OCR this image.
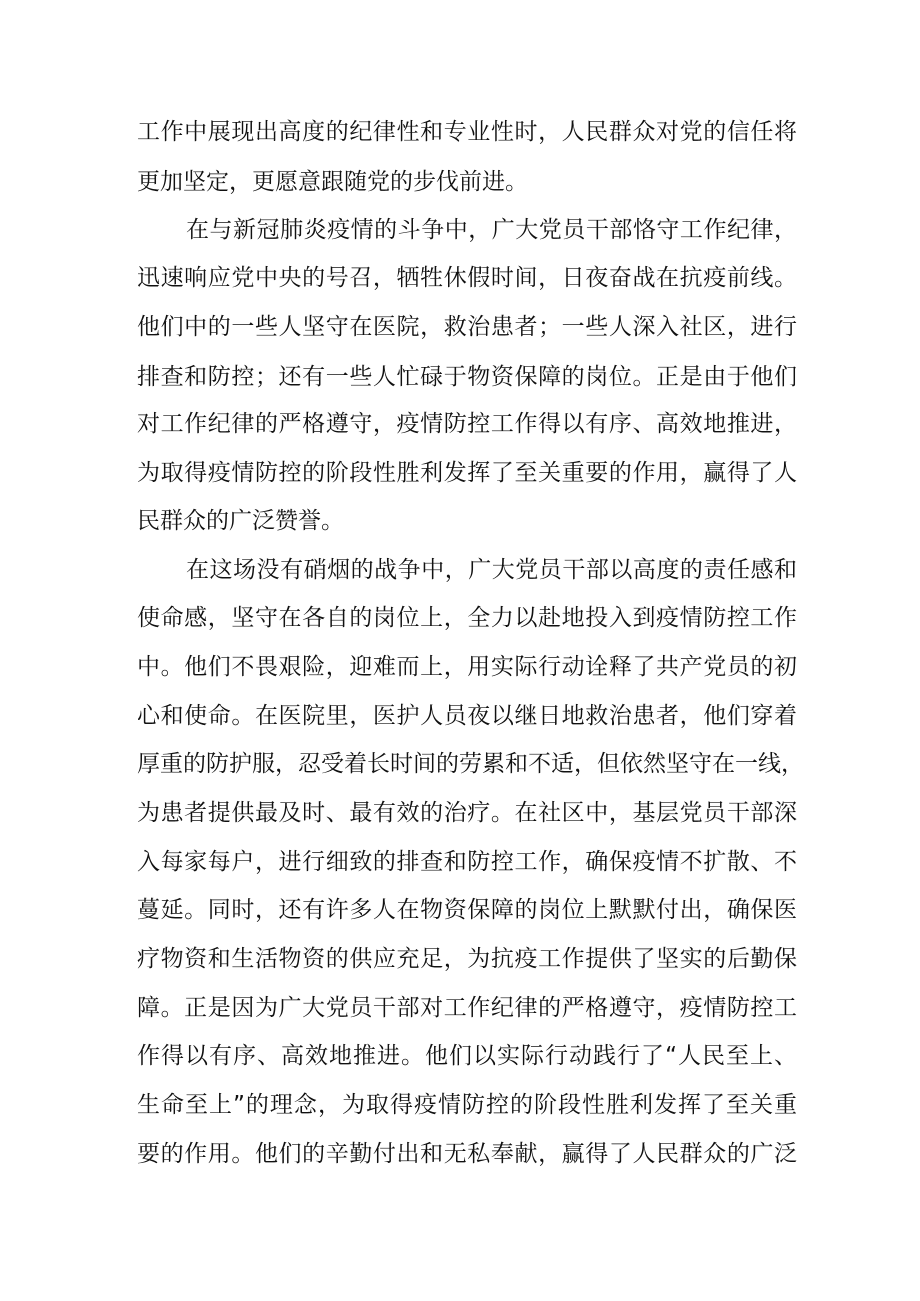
工作中展现出高度的纪律性和专业性时，人民群众对党的信任将
更加坚定，更愿意跟随党的步伐前进。
在与新冠肺炎疫情的斗争中，广大党员干部恪守工作纪律，
迅速响应党中央的号召，牺牲休假时间，日夜奋战在抗疫前线。
他们中的一些人坚守在医院，救治患者；一些人深入社区，进行
排查和防控；还有一些人忙碌于物资保障的岗位。正是由于他们
对工作纪律的严格遵守，疫情防控工作得以有序、高效地推进，
为取得疫情防控的阶段性胜利发挥了至关重要的作用，赢得了人
民群众的广泛赞誉。
在这场没有硝烟的战争中，广大党员干部以高度的责任感和
使命感，坚守在各自的岗位上，全力以赴地投入到疫情防控工作
中。他们不畏艰险，迎难而上，用实际行动诠释了共产党员的初
心和使命。在医院里，医护人员夜以继日地救治患者，他们穿着
厚重的防护服，忍受着长时间的劳累和不适，但依然坚守在一线，
为患者提供最及时、最有效的治疗。在社区中，基层党员干部深
入每家每户，进行细致的排查和防控工作，确保疫情不扩散、不
蔓延。同时，还有许多人在物资保障的岗位上默默付出，确保医
疗物资和生活物资的供应充足，为抗疫工作提供了坚实的后勤保
障。正是因为广大党员干部对工作纪律的严格遵守，疫情防控工
作得以有序、高效地推进。他们以实际行动践行了“人民至上、
生命至上”的理念，为取得疫情防控的阶段性胜利发挥了至关重
要的作用。他们的辛勤付出和无私奉献，赢得了人民群众的广泛
